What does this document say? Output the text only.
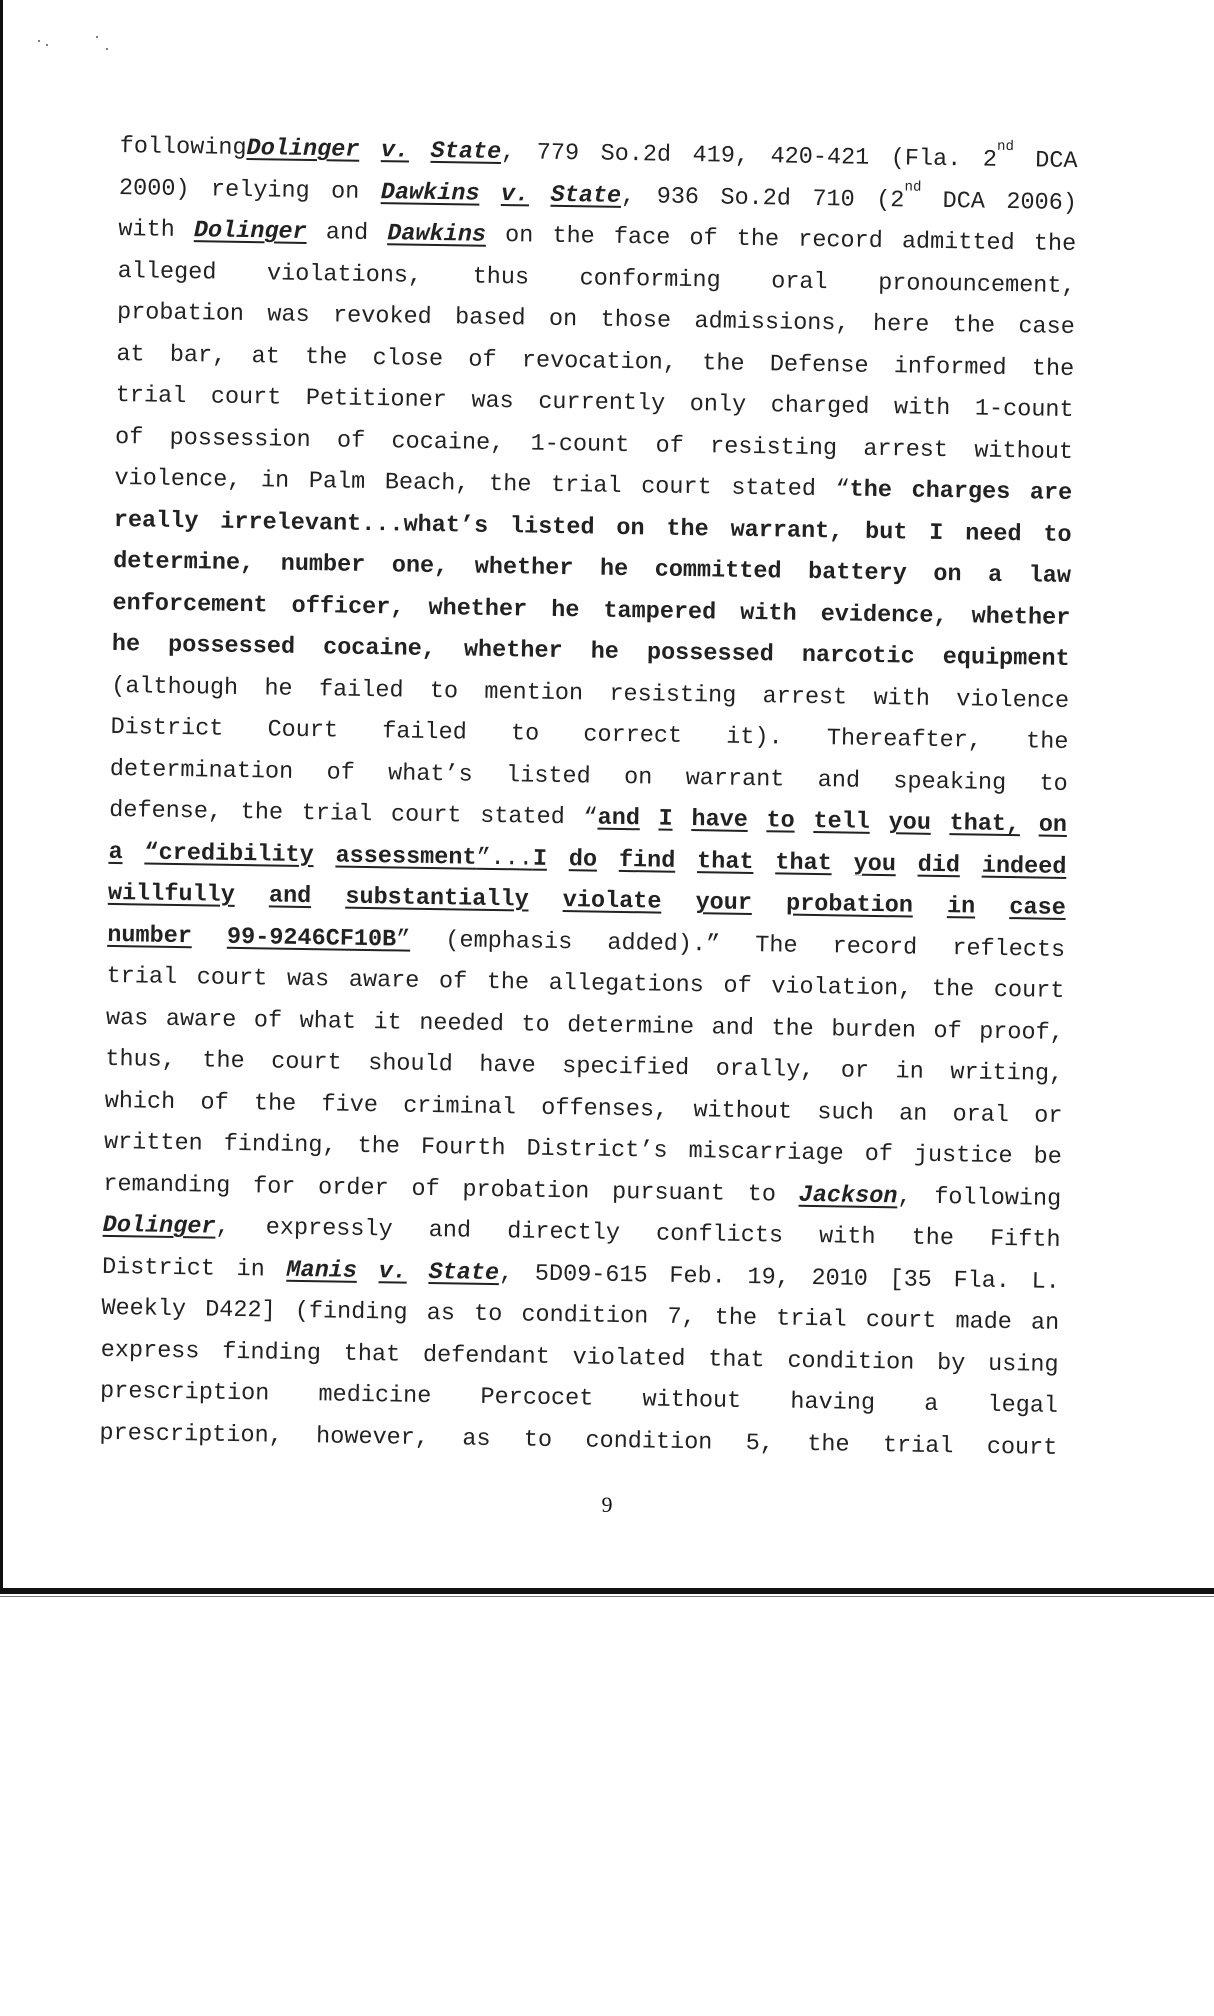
followingDolinger v. State, 779 So.2d 419, 420-421 (Fla. 2nd
DCA
2000) relying on Dawkins v. State, 936 So.2d 710 (2nd
DCA 2006)
with Dolinger and Dawkins on the face of the record admitted the
alleged violations, thus conforming oral pronouncement,
probation was revoked based on those admissions, here the case
at bar, at the close of revocation, the Defense informed the
trial court Petitioner was currently only charged with 1-count
of possession of cocaine, 1-count of resisting arrest without
violence, in Palm Beach, the trial court stated “the charges are
really irrelevant...what’s listed on the warrant, but I need to
determine, number one, whether he committed battery on a law
enforcement officer, whether he tampered with evidence, whether
he possessed cocaine, whether he possessed narcotic equipment
(although he failed to mention resisting arrest with violence
District Court failed to correct it). Thereafter, the
determination of what’s listed on warrant and speaking to
defense, the trial court stated “and I have to tell you that, on
a “credibility assessment”...I do find that that you did indeed
willfully and substantially violate your probation in case
number 99-9246CF10B” (emphasis added).” The record reflects
trial court was aware of the allegations of violation, the court
was aware of what it needed to determine and the burden of proof,
thus, the court should have specified orally, or in writing,
which of the five criminal offenses, without such an oral or
written finding, the Fourth District’s miscarriage of justice be
remanding for order of probation pursuant to Jackson, following
Dolinger, expressly and directly conflicts with the Fifth
District in Manis v. State, 5D09-615 Feb. 19, 2010 [35 Fla. L.
Weekly D422] (finding as to condition 7, the trial court made an
express finding that defendant violated that condition by using
prescription medicine Percocet without having a legal
prescription, however, as to condition 5, the trial court
9
